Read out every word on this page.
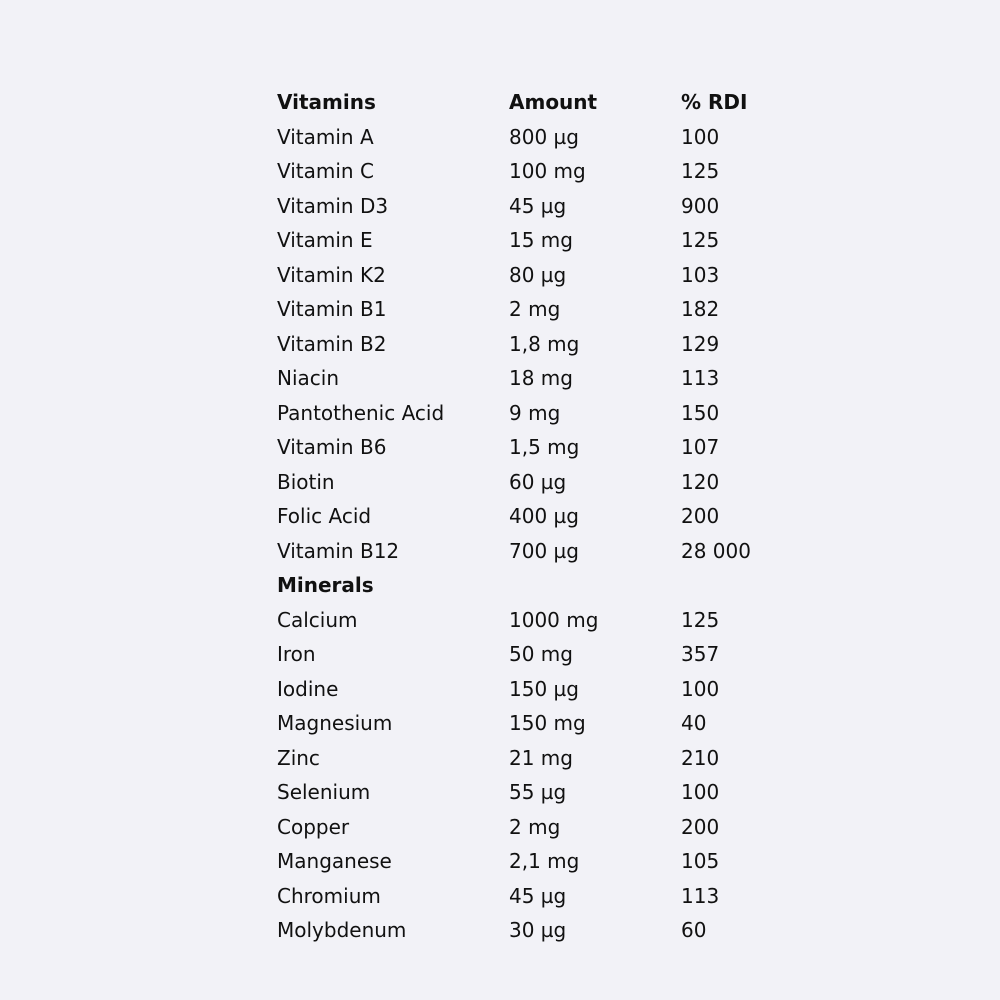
Vitamins	Amount	% RDI
Vitamin A	800 µg	100
Vitamin C	100 mg	125
Vitamin D3	45 µg	900
Vitamin E	15 mg	125
Vitamin K2	80 µg	103
Vitamin B1	2 mg	182
Vitamin B2	1,8 mg	129
Niacin	18 mg	113
Pantothenic Acid	9 mg	150
Vitamin B6	1,5 mg	107
Biotin	60 µg	120
Folic Acid	400 µg	200
Vitamin B12	700 µg	28 000
Minerals		
Calcium	1000 mg	125
Iron	50 mg	357
Iodine	150 µg	100
Magnesium	150 mg	40
Zinc	21 mg	210
Selenium	55 µg	100
Copper	2 mg	200
Manganese	2,1 mg	105
Chromium	45 µg	113
Molybdenum	30 µg	60
